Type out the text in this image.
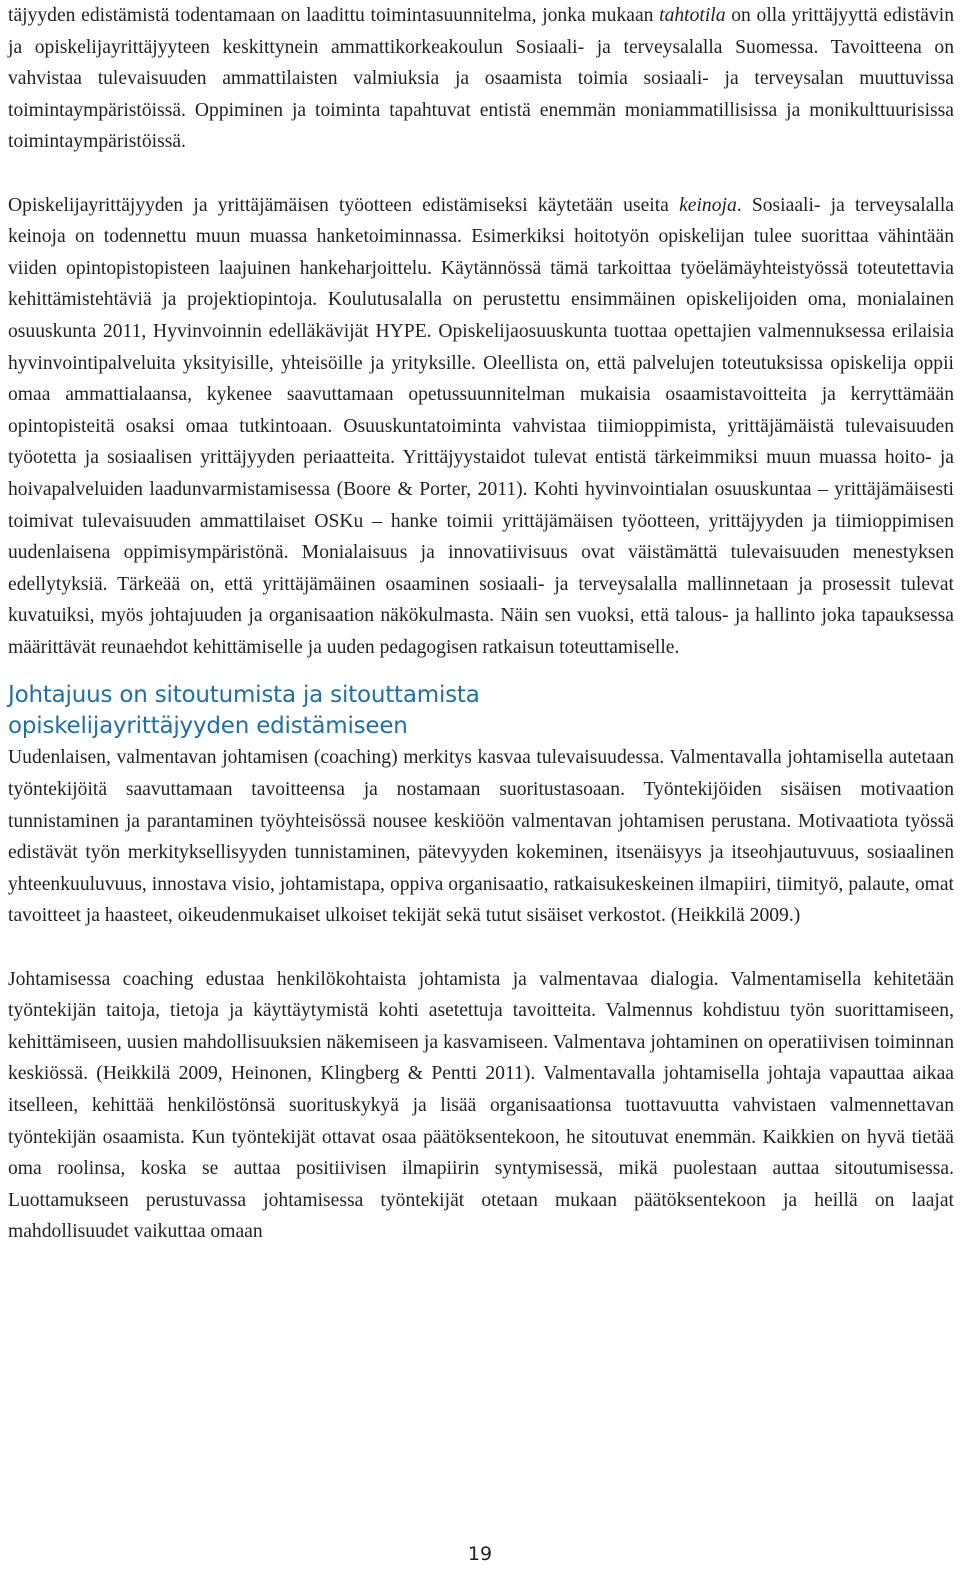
täjyyden edistämistä todentamaan on laadittu toimintasuunnitelma, jonka mukaan tahtotila on olla yrittäjyyttä edistävin ja opiskelijayrittäjyyteen keskittynein ammattikorkeakoulun Sosiaali- ja terveysalalla Suomessa. Tavoitteena on vahvistaa tulevaisuuden ammattilaisten valmiuksia ja osaamista toimia sosiaali- ja terveysalan muuttuvissa toimintaympäristöissä. Oppiminen ja toiminta tapahtuvat entistä enemmän moniammatillisissa ja monikulttuurisissa toimintaympäristöissä.

Opiskelijayrittäjyyden ja yrittäjämäisen työotteen edistämiseksi käytetään useita keinoja. Sosiaali- ja terveysalalla keinoja on todennettu muun muassa hanketoiminnassa. Esimerkiksi hoitotyön opiskelijan tulee suorittaa vähintään viiden opintopistopisteen laajuinen hankeharjoittelu. Käytännössä tämä tarkoittaa työelämäyhteistyössä toteutettavia kehittämistehtäviä ja projektiopintoja. Koulutusalalla on perustettu ensimmäinen opiskelijoiden oma, monialainen osuuskunta 2011, Hyvinvoinnin edelläkävijät HYPE. Opiskelijaosuuskunta tuottaa opettajien valmennuksessa erilaisia hyvinvointipalveluita yksityisille, yhteisöille ja yrityksille. Oleellista on, että palvelujen toteutuksissa opiskelija oppii omaa ammattialaansa, kykenee saavuttamaan opetussuunnitelman mukaisia osaamistavoitteita ja kerryttämään opintopisteitä osaksi omaa tutkintoaan. Osuuskuntatoiminta vahvistaa tiimioppimista, yrittäjämäistä tulevaisuuden työotetta ja sosiaalisen yrittäjyyden periaatteita. Yrittäjyystaidot tulevat entistä tärkeimmiksi muun muassa hoito- ja hoivapalveluiden laadunvarmistamisessa (Boore & Porter, 2011). Kohti hyvinvointialan osuuskuntaa – yrittäjämäisesti toimivat tulevaisuuden ammattilaiset OSKu – hanke toimii yrittäjämäisen työotteen, yrittäjyyden ja tiimioppimisen uudenlaisena oppimisympäristönä. Monialaisuus ja innovatiivisuus ovat väistämättä tulevaisuuden menestyksen edellytyksiä. Tärkeää on, että yrittäjämäinen osaaminen sosiaali- ja terveysalalla mallinnetaan ja prosessit tulevat kuvatuiksi, myös johtajuuden ja organisaation näkökulmasta. Näin sen vuoksi, että talous- ja hallinto joka tapauksessa määrittävät reunaehdot kehittämiselle ja uuden pedagogisen ratkaisun toteuttamiselle.

Johtajuus on sitoutumista ja sitouttamista
opiskelijayrittäjyyden edistämiseen

Uudenlaisen, valmentavan johtamisen (coaching) merkitys kasvaa tulevaisuudessa. Valmentavalla johtamisella autetaan työntekijöitä saavuttamaan tavoitteensa ja nostamaan suoritustasoaan. Työntekijöiden sisäisen motivaation tunnistaminen ja parantaminen työyhteisössä nousee keskiöön valmentavan johtamisen perustana. Motivaatiota työssä edistävät työn merkityksellisyyden tunnistaminen, pätevyyden kokeminen, itsenäisyys ja itseohjautuvuus, sosiaalinen yhteenkuuluvuus, innostava visio, johtamistapa, oppiva organisaatio, ratkaisukeskeinen ilmapiiri, tiimityö, palaute, omat tavoitteet ja haasteet, oikeudenmukaiset ulkoiset tekijät sekä tutut sisäiset verkostot. (Heikkilä 2009.)

Johtamisessa coaching edustaa henkilökohtaista johtamista ja valmentavaa dialogia. Valmentamisella kehitetään työntekijän taitoja, tietoja ja käyttäytymistä kohti asetettuja tavoitteita. Valmennus kohdistuu työn suorittamiseen, kehittämiseen, uusien mahdollisuuksien näkemiseen ja kasvamiseen. Valmentava johtaminen on operatiivisen toiminnan keskiössä. (Heikkilä 2009, Heinonen, Klingberg & Pentti 2011). Valmentavalla johtamisella johtaja vapauttaa aikaa itselleen, kehittää henkilöstönsä suorituskykyä ja lisää organisaationsa tuottavuutta vahvistaen valmennettavan työntekijän osaamista. Kun työntekijät ottavat osaa päätöksentekoon, he sitoutuvat enemmän. Kaikkien on hyvä tietää oma roolinsa, koska se auttaa positiivisen ilmapiirin syntymisessä, mikä puolestaan auttaa sitoutumisessa. Luottamukseen perustuvassa johtamisessa työntekijät otetaan mukaan päätöksentekoon ja heillä on laajat mahdollisuudet vaikuttaa omaan

19
